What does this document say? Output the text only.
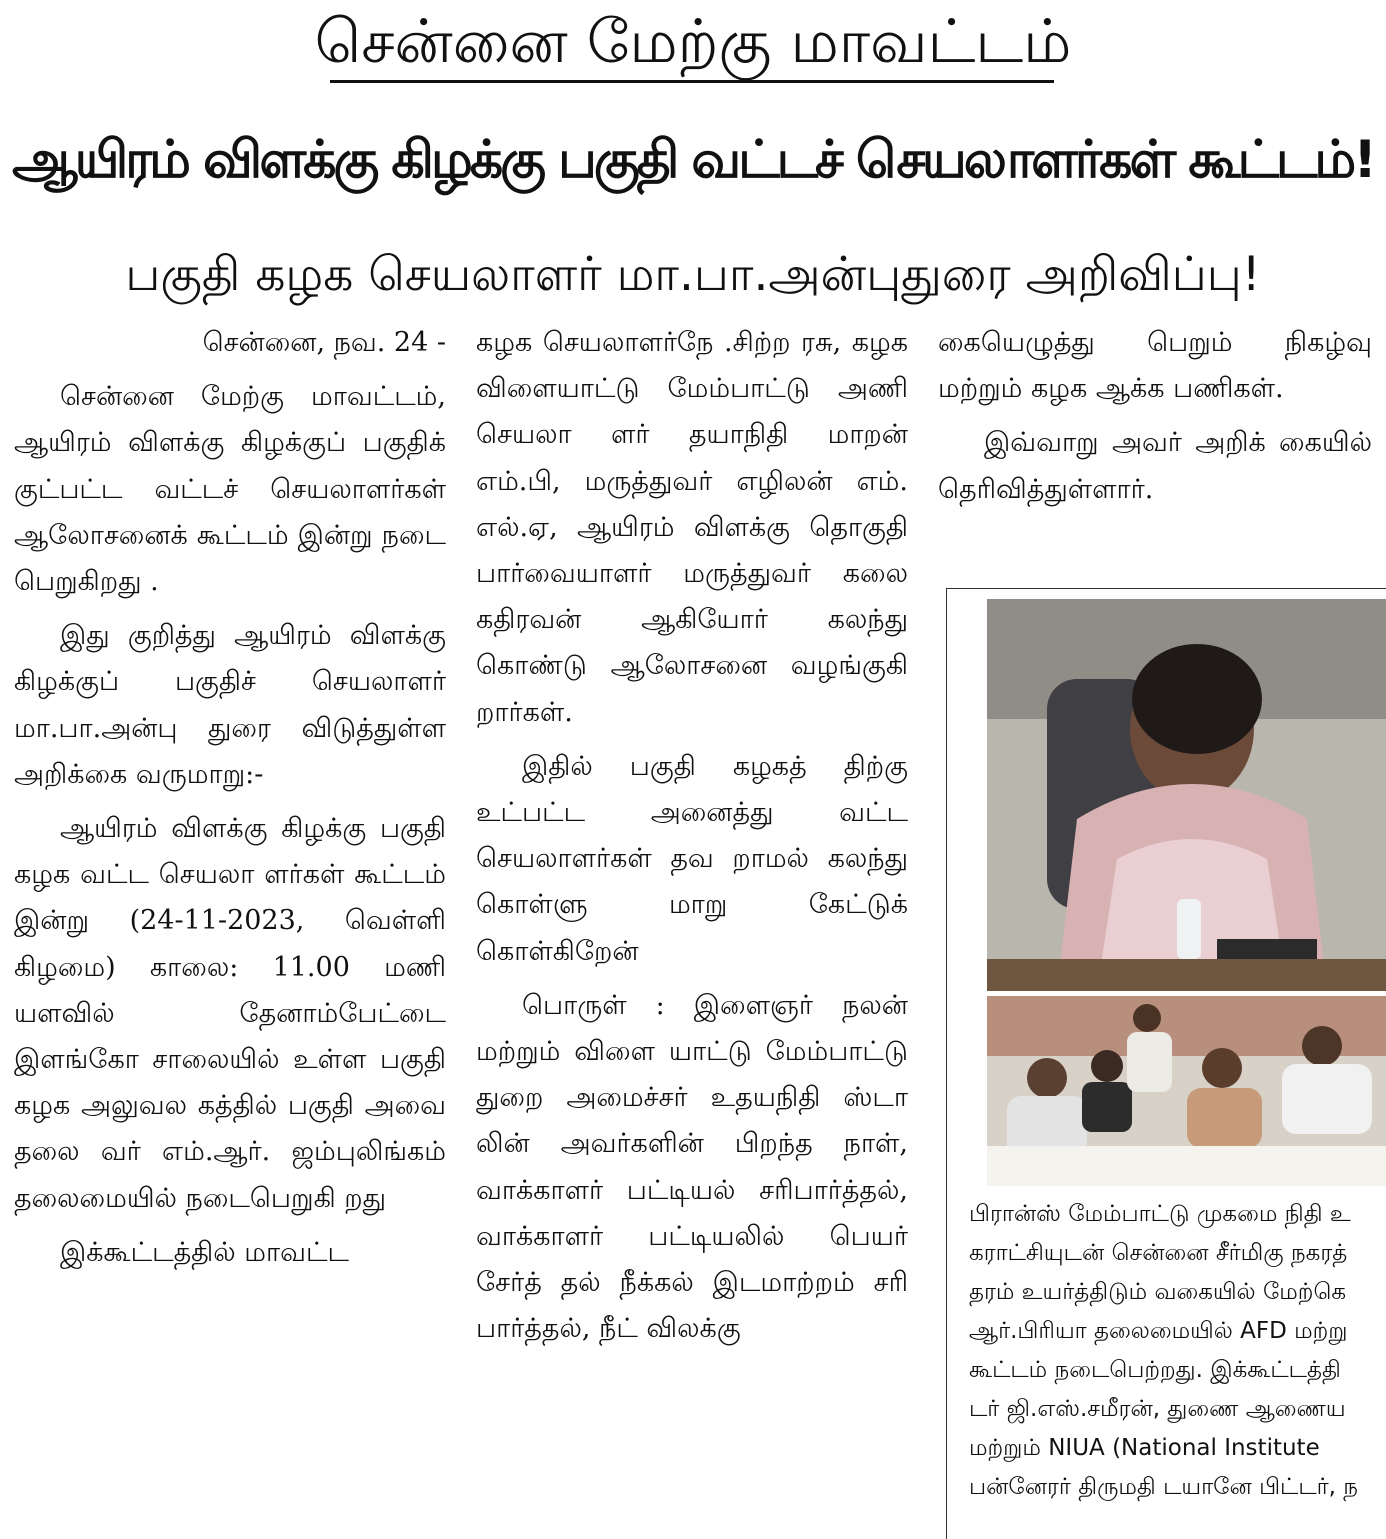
சென்னை மேற்கு மாவட்டம்
ஆயிரம் விளக்கு கிழக்கு பகுதி வட்டச் செயலாளர்கள் கூட்டம்!
பகுதி கழக செயலாளர் மா.பா.அன்புதுரை அறிவிப்பு!

சென்னை, நவ. 24 -

சென்னை மேற்கு மாவட்டம், ஆயிரம் விளக்கு கிழக்குப் பகுதிக் குட்பட்ட வட்டச் செயலாளர்கள் ஆலோசனைக் கூட்டம் இன்று நடை பெறுகிறது .

இது குறித்து ஆயிரம் விளக்கு கிழக்குப் பகுதிச் செயலாளர் மா.பா.அன்பு துரை விடுத்துள்ள அறிக்கை வருமாறு:-

ஆயிரம் விளக்கு கிழக்கு பகுதி கழக வட்ட செயலா ளர்கள் கூட்டம் இன்று (24-11-2023, வெள்ளி கிழமை) காலை: 11.00 மணி யளவில் தேனாம்பேட்டை இளங்கோ சாலையில் உள்ள பகுதி கழக அலுவல கத்தில் பகுதி அவை தலை வர் எம்.ஆர். ஜம்புலிங்கம் தலைமையில் நடைபெறுகி றது

இக்கூட்டத்தில் மாவட்ட

கழக செயலாளர்நே .சிற்ற ரசு, கழக விளையாட்டு மேம்பாட்டு அணி செயலா ளர் தயாநிதி மாறன் எம்.பி, மருத்துவர் எழிலன் எம். எல்.ஏ, ஆயிரம் விளக்கு தொகுதி பார்வையாளர் மருத்துவர் கலை கதிரவன் ஆகியோர் கலந்து கொண்டு ஆலோசனை வழங்குகி றார்கள்.

இதில் பகுதி கழகத் திற்கு உட்பட்ட அனைத்து வட்ட செயலாளர்கள் தவ றாமல் கலந்து கொள்ளு மாறு கேட்டுக் கொள்கிறேன்

பொருள் : இளைஞர் நலன் மற்றும் விளை யாட்டு மேம்பாட்டு துறை அமைச்சர் உதயநிதி ஸ்டா லின் அவர்களின் பிறந்த நாள், வாக்காளர் பட்டியல் சரிபார்த்தல், வாக்காளர் பட்டியலில் பெயர் சேர்த் தல் நீக்கல் இடமாற்றம் சரி பார்த்தல், நீட் விலக்கு

கையெழுத்து பெறும் நிகழ்வு மற்றும் கழக ஆக்க பணிகள்.

இவ்வாறு அவர் அறிக் கையில் தெரிவித்துள்ளார்.

பிரான்ஸ் மேம்பாட்டு முகமை நிதி உ
கராட்சியுடன் சென்னை சீர்மிகு நகரத்
தரம் உயர்த்திடும் வகையில் மேற்கெ
ஆர்.பிரியா தலைமையில் AFD மற்று
கூட்டம் நடைபெற்றது. இக்கூட்டத்தி
டர் ஜி.எஸ்.சமீரன், துணை ஆணைய
மற்றும் NIUA (National Institute
பன்னேரர் திருமதி டயானே பிட்டர், ந
